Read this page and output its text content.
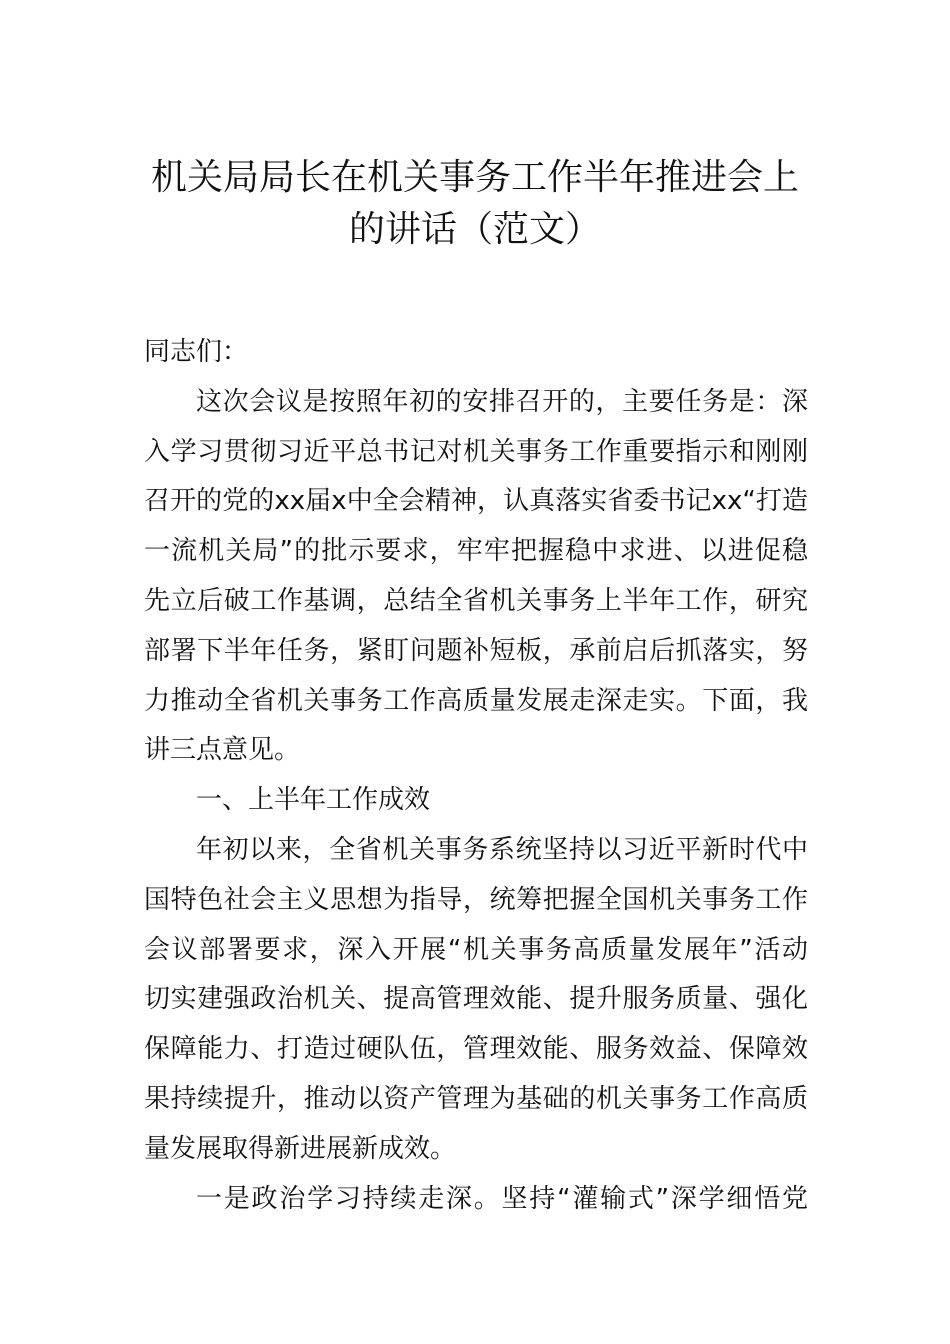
机关局局长在机关事务工作半年推进会上
的讲话（范文）

同志们：

这次会议是按照年初的安排召开的，主要任务是：深
入学习贯彻习近平总书记对机关事务工作重要指示和刚刚
召开的党的xx届x中全会精神，认真落实省委书记xx“打造
一流机关局”的批示要求，牢牢把握稳中求进、以进促稳
先立后破工作基调，总结全省机关事务上半年工作，研究
部署下半年任务，紧盯问题补短板，承前启后抓落实，努
力推动全省机关事务工作高质量发展走深走实。下面，我
讲三点意见。

一、上半年工作成效

年初以来，全省机关事务系统坚持以习近平新时代中
国特色社会主义思想为指导，统筹把握全国机关事务工作
会议部署要求，深入开展“机关事务高质量发展年”活动
切实建强政治机关、提高管理效能、提升服务质量、强化
保障能力、打造过硬队伍，管理效能、服务效益、保障效
果持续提升，推动以资产管理为基础的机关事务工作高质
量发展取得新进展新成效。

一是政治学习持续走深。坚持“灌输式”深学细悟党
